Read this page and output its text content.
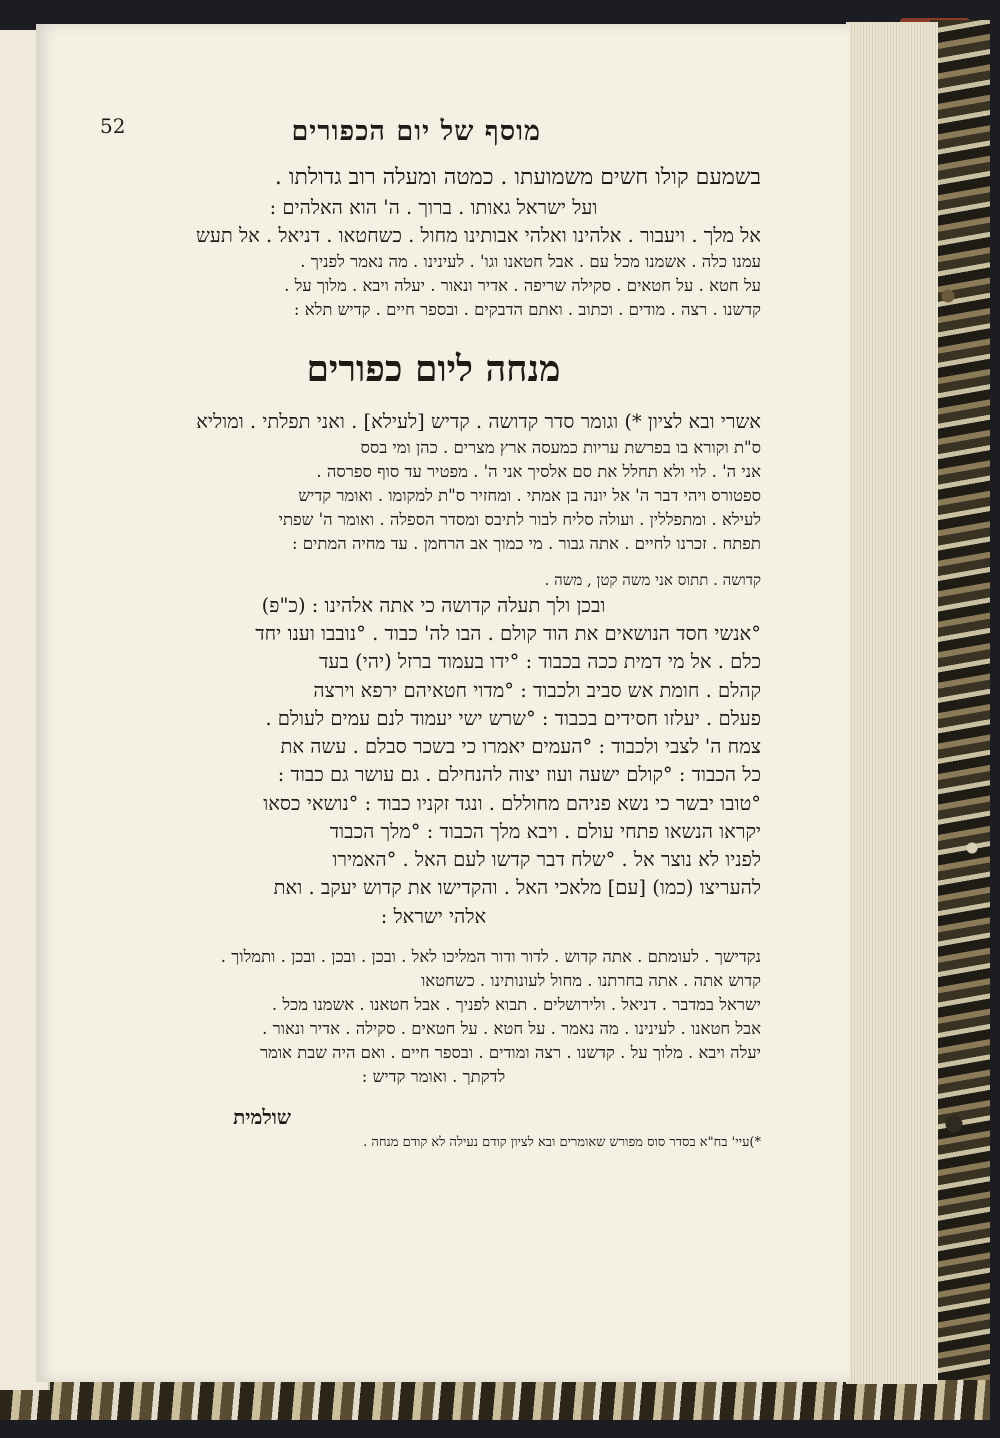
מוסף של יום הכפורים
52
בשמעם קולו חשים משמועתו . כמטה ומעלה רוב גדולתו .
ועל ישראל גאותו . ברוך . ה' הוא האלהים :
אל מלך . ויעבור . אלהינו ואלהי אבותינו מחול . כשחטאו . דניאל . אל תעש
עמנו כלה . אשמנו מכל עם . אבל חטאנו וגו' . לעינינו . מה נאמר לפניך .
על חטא . על חטאים . סקילה שריפה . אדיר ונאור . יעלה ויבא . מלוך על .
קדשנו . רצה . מודים . וכתוב . ואתם הדבקים . ובספר חיים . קדיש תלא :
מנחה ליום כפורים
אשרי ובא לציון *) וגומר סדר קדושה . קדיש [לעילא] . ואני תפלתי . ומוליא
ס"ת וקורא בו בפרשת עריות כמעסה ארץ מצרים . כהן ומי בסס
אני ה' . לוי ולא תחלל את סם אלסיך אני ה' . מפטיר עד סוף ספרסה .
ספטורס ויהי דבר ה' אל יונה בן אמתי . ומחזיר ס"ת למקומו . ואומר קדיש
לעילא . ומתפללין . ועולה סליח לבור לתיבס ומסדר הספלה . ואומר ה' שפתי
תפתח . זכרנו לחיים . אתה גבור . מי כמוך אב הרחמן . עד מחיה המתים :
קדושה . תתוס אני משה קטן , משה .
ובכן ולך תעלה קדושה כי אתה אלהינו : (כ"פ)
°אנשי חסד הנושאים את הוד קולם . הבו לה' כבוד . °נובבו וענו יחד
כלם . אל מי דמית ככה בכבוד : °ידו בעמוד ברזל (יהי) בעד
קהלם . חומת אש סביב ולכבוד : °מדוי חטאיהם ירפא וירצה
פעלם . יעלזו חסידים בכבוד : °שרש ישי יעמוד לנם עמים לעולם .
צמח ה' לצבי ולכבוד : °העמים יאמרו כי בשכר סבלם . עשה את
כל הכבוד : °קולם ישעה ועוז יצוה להנחילם . גם עושר גם כבוד :
°טובו יבשר כי נשא פניהם מחוללם . ונגד זקניו כבוד : °נושאי כסאו
יקראו הנשאו פתחי עולם . ויבא מלך הכבוד : °מלך הכבוד
לפניו לא נוצר אל . °שלח דבר קדשו לעם האל . °האמירו
להעריצו (כמו) [עם] מלאכי האל . והקדישו את קדוש יעקב . ואת
אלהי ישראל :
נקדישך . לעומתם . אתה קדוש . לדור ודור המליכו לאל . ובכן . ובכן . ובכן . ותמלוך .
קדוש אתה . אתה בחרתנו . מחול לעונותינו . כשחטאו
ישראל במדבר . דניאל . ולירושלים . תבוא לפניך . אבל חטאנו . אשמנו מכל .
אבל חטאנו . לעינינו . מה נאמר . על חטא . על חטאים . סקילה . אדיר ונאור .
יעלה ויבא . מלוך על . קדשנו . רצה ומודים . ובספר חיים . ואם היה שבת אומר
לדקתך . ואומר קדיש :
שולמית
*)עיי' בח"א בסדר סוס מפורש שאומרים ובא לציון קודם נעילה לא קודם מנחה .
